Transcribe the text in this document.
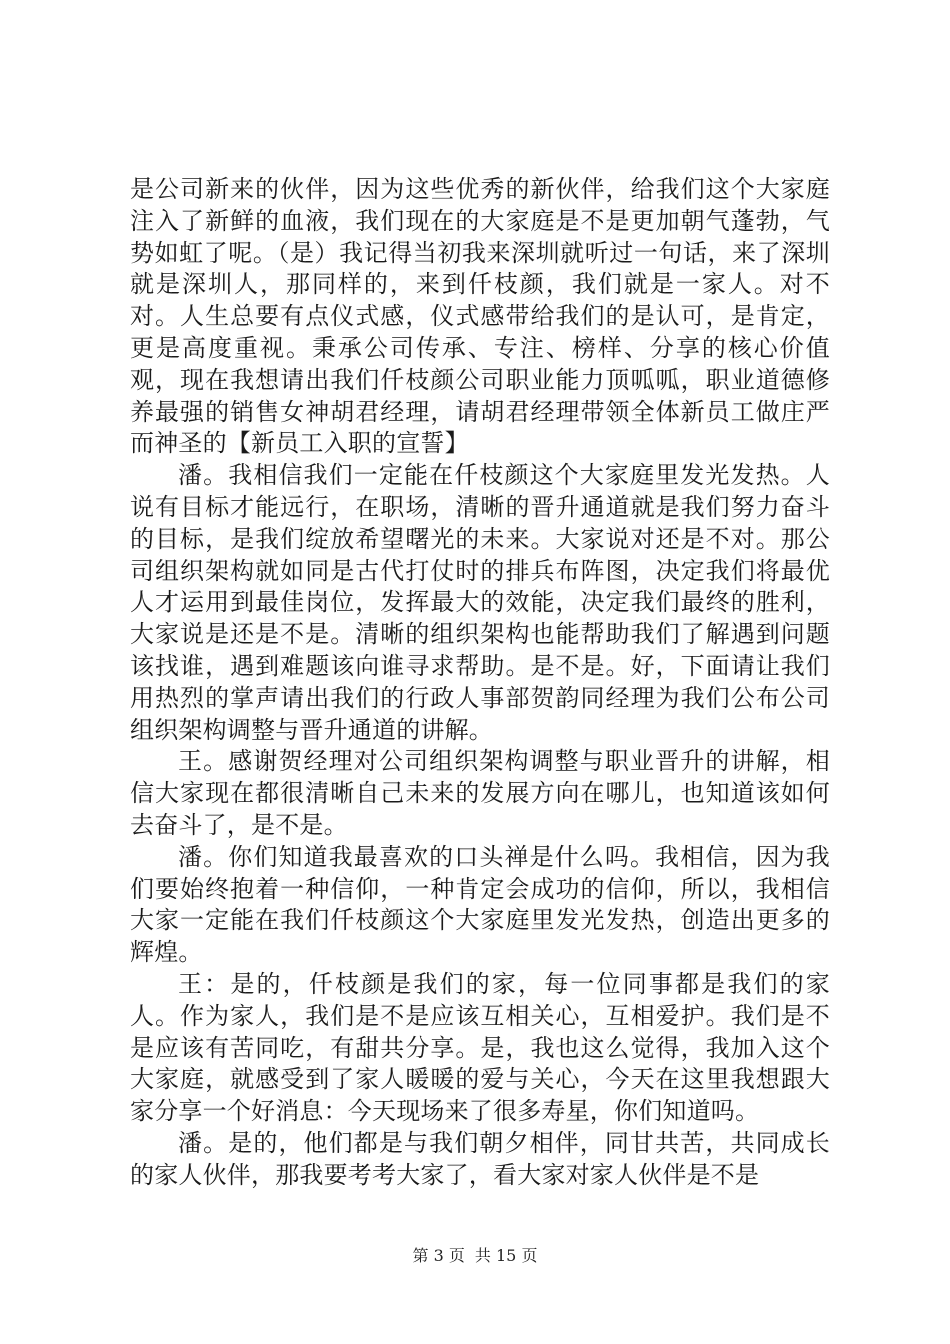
是公司新来的伙伴，因为这些优秀的新伙伴，给我们这个大家庭注入了新鲜的血液，我们现在的大家庭是不是更加朝气蓬勃，气势如虹了呢。（是）我记得当初我来深圳就听过一句话，来了深圳就是深圳人，那同样的，来到仟枝颜，我们就是一家人。对不对。人生总要有点仪式感，仪式感带给我们的是认可，是肯定，更是高度重视。秉承公司传承、专注、榜样、分享的核心价值观，现在我想请出我们仟枝颜公司职业能力顶呱呱，职业道德修养最强的销售女神胡君经理，请胡君经理带领全体新员工做庄严而神圣的【新员工入职的宣誓】

潘。我相信我们一定能在仟枝颜这个大家庭里发光发热。人说有目标才能远行，在职场，清晰的晋升通道就是我们努力奋斗的目标，是我们绽放希望曙光的未来。大家说对还是不对。那公司组织架构就如同是古代打仗时的排兵布阵图，决定我们将最优人才运用到最佳岗位，发挥最大的效能，决定我们最终的胜利，大家说是还是不是。清晰的组织架构也能帮助我们了解遇到问题该找谁，遇到难题该向谁寻求帮助。是不是。好，下面请让我们用热烈的掌声请出我们的行政人事部贺韵同经理为我们公布公司组织架构调整与晋升通道的讲解。

王。感谢贺经理对公司组织架构调整与职业晋升的讲解，相信大家现在都很清晰自己未来的发展方向在哪儿，也知道该如何去奋斗了，是不是。

潘。你们知道我最喜欢的口头禅是什么吗。我相信，因为我们要始终抱着一种信仰，一种肯定会成功的信仰，所以，我相信大家一定能在我们仟枝颜这个大家庭里发光发热，创造出更多的辉煌。

王：是的，仟枝颜是我们的家，每一位同事都是我们的家人。作为家人，我们是不是应该互相关心，互相爱护。我们是不是应该有苦同吃，有甜共分享。是，我也这么觉得，我加入这个大家庭，就感受到了家人暖暖的爱与关心，今天在这里我想跟大家分享一个好消息：今天现场来了很多寿星，你们知道吗。

潘。是的，他们都是与我们朝夕相伴，同甘共苦，共同成长的家人伙伴，那我要考考大家了，看大家对家人伙伴是不是

第 3 页 共 15 页
